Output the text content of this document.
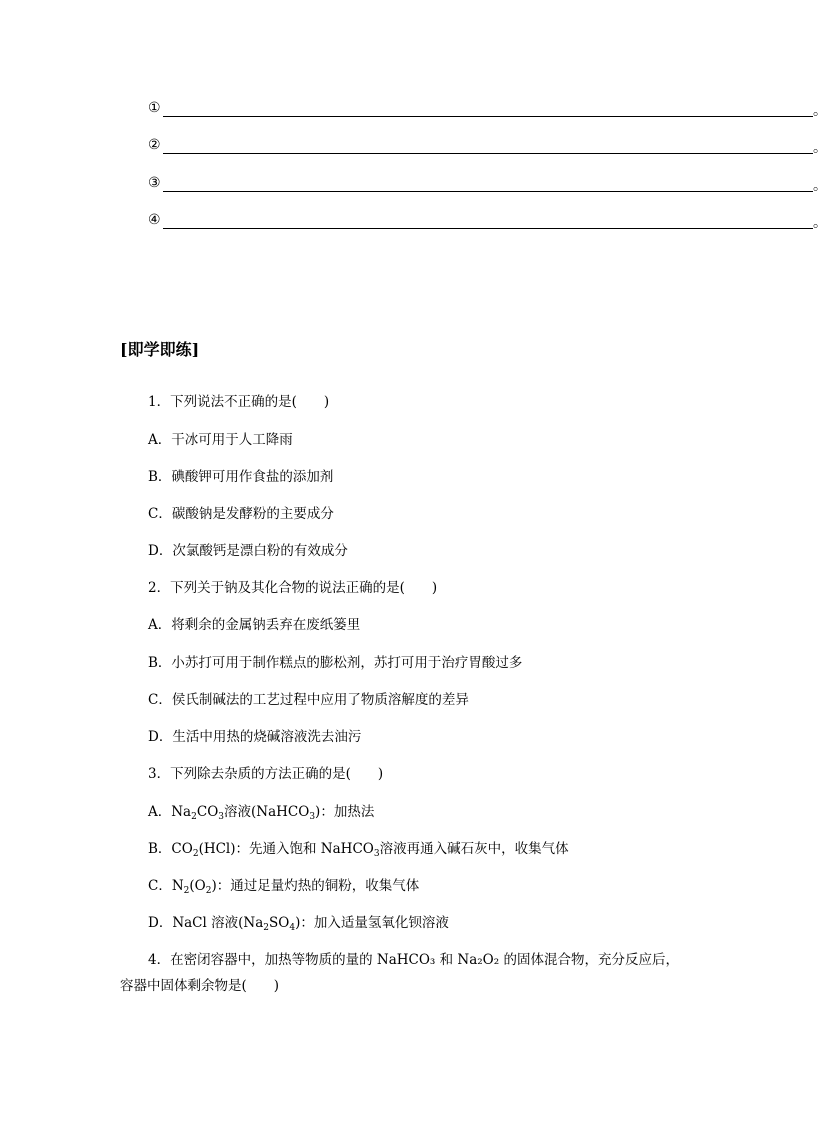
①	。
②	。
③	。
④	。
[即学即练]
1．下列说法不正确的是(　　)
A．干冰可用于人工降雨
B．碘酸钾可用作食盐的添加剂
C．碳酸钠是发酵粉的主要成分
D．次氯酸钙是漂白粉的有效成分
2．下列关于钠及其化合物的说法正确的是(　　)
A．将剩余的金属钠丢弃在废纸篓里
B．小苏打可用于制作糕点的膨松剂，苏打可用于治疗胃酸过多
C．侯氏制碱法的工艺过程中应用了物质溶解度的差异
D．生活中用热的烧碱溶液洗去油污
3．下列除去杂质的方法正确的是(　　)
A．$Na_2CO_3$溶液(NaHCO$_3$)：加热法
B．$CO_2(HCl)$：先通入饱和 NaHCO$_3$溶液再通入碱石灰中，收集气体
C．$N_2(O_2)$：通过足量灼热的铜粉，收集气体
D．NaCl 溶液$(Na_2SO_4)$：加入适量氢氧化钡溶液
4．在密闭容器中，加热等物质的量的 NaHCO₃ 和 Na₂O₂ 的固体混合物，充分反应后，
容器中固体剩余物是(　　)
